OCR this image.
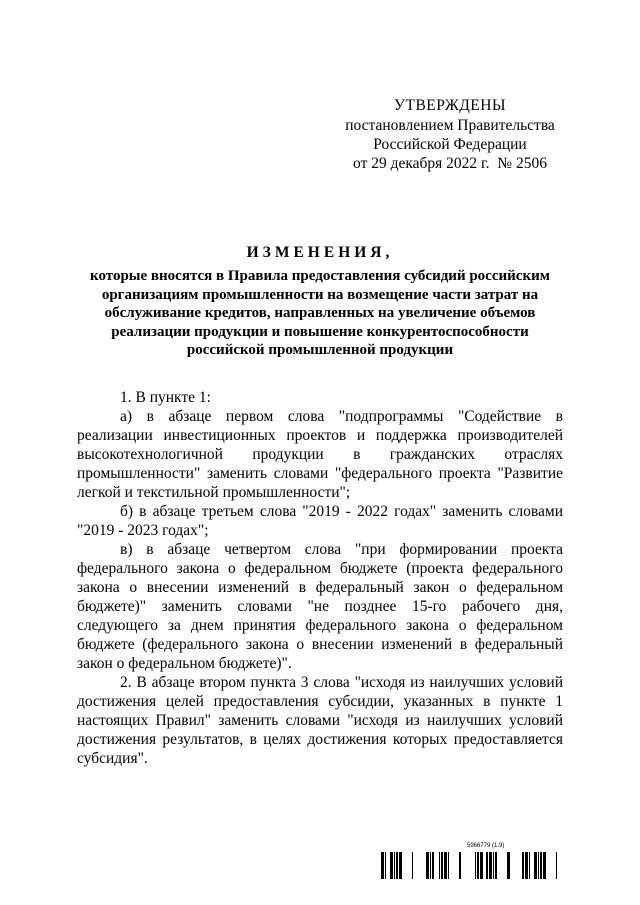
УТВЕРЖДЕНЫ
постановлением Правительства
Российской Федерации
от 29 декабря 2022 г.  № 2506
ИЗМЕНЕНИЯ,
которые вносятся в Правила предоставления субсидий российским организациям промышленности на возмещение части затрат на обслуживание кредитов, направленных на увеличение объемов реализации продукции и повышение конкурентоспособности российской промышленной продукции

1. В пункте 1:

а) в абзаце первом слова "подпрограммы "Содействие в реализации инвестиционных проектов и поддержка производителей высокотехнологичной продукции в гражданских отраслях промышленности" заменить словами "федерального проекта "Развитие легкой и текстильной промышленности";

б) в абзаце третьем слова "2019 - 2022 годах" заменить словами "2019 - 2023 годах";

в) в абзаце четвертом слова "при формировании проекта федерального закона о федеральном бюджете (проекта федерального закона о внесении изменений в федеральный закон о федеральном бюджете)" заменить словами "не позднее 15-го рабочего дня, следующего за днем принятия федерального закона о федеральном бюджете (федерального закона о внесении изменений в федеральный закон о федеральном бюджете)".

2. В абзаце втором пункта 3 слова "исходя из наилучших условий достижения целей предоставления субсидии, указанных в пункте 1 настоящих Правил" заменить словами "исходя из наилучших условий достижения результатов, в целях достижения которых предоставляется субсидия".

5966779 (1.9)
